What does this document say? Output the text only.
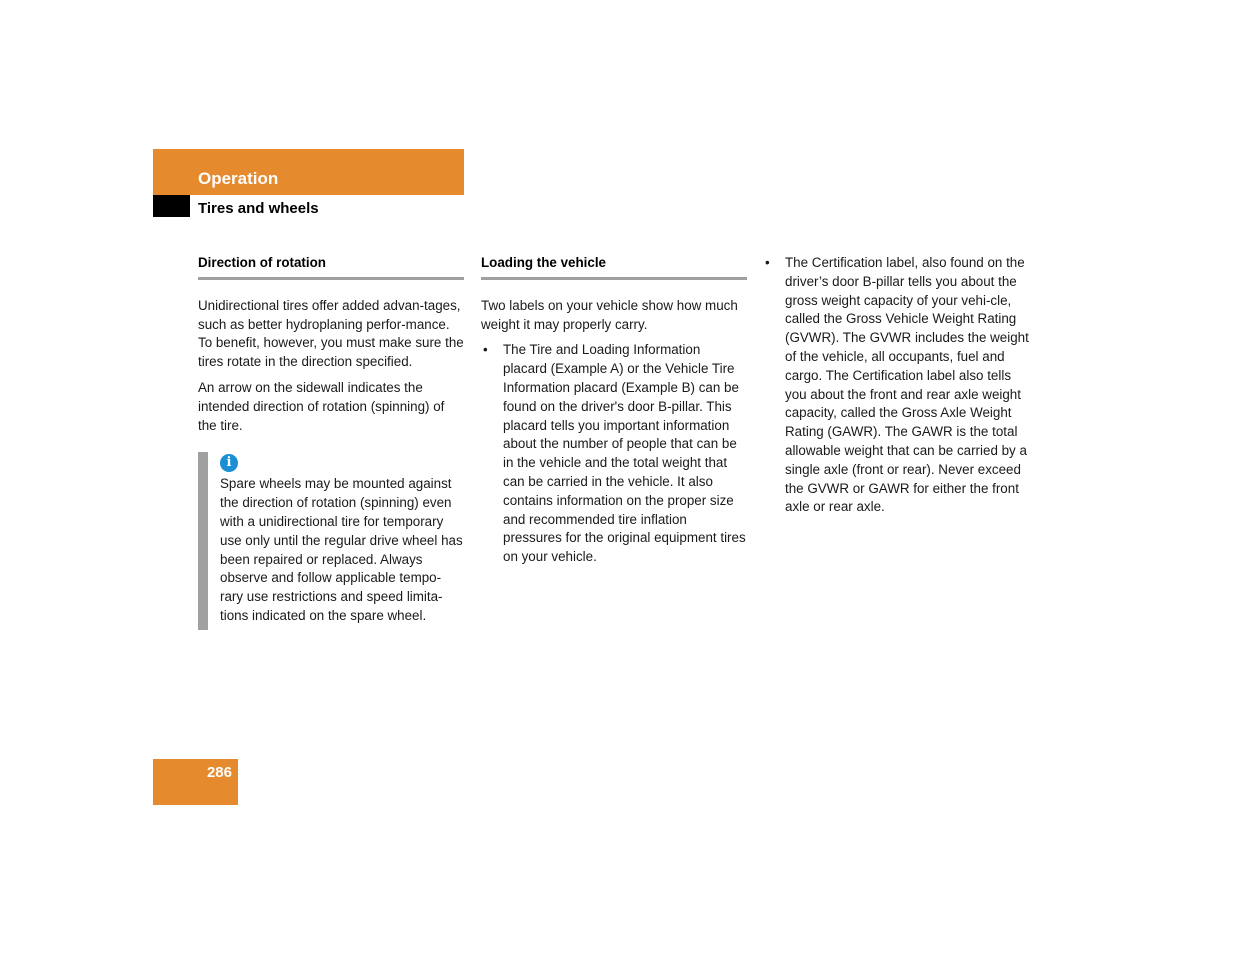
Operation
Tires and wheels
Direction of rotation

Unidirectional tires offer added advan-tages, such as better hydroplaning perfor-mance. To benefit, however, you must make sure the tires rotate in the direction specified.

An arrow on the sidewall indicates the intended direction of rotation (spinning) of the tire.

i
Spare wheels may be mounted against the direction of rotation (spinning) even with a unidirectional tire for temporary use only until the regular drive wheel has been repaired or replaced. Always observe and follow applicable tempo-rary use restrictions and speed limita-tions indicated on the spare wheel.
Loading the vehicle

Two labels on your vehicle show how much weight it may properly carry.

• The Tire and Loading Information placard (Example A) or the Vehicle Tire Information placard (Example B) can be found on the driver's door B-pillar. This placard tells you important information about the number of people that can be in the vehicle and the total weight that can be carried in the vehicle. It also contains information on the proper size and recommended tire inflation pressures for the original equipment tires on your vehicle.
• The Certification label, also found on the driver’s door B-pillar tells you about the gross weight capacity of your vehi-cle, called the Gross Vehicle Weight Rating (GVWR). The GVWR includes the weight of the vehicle, all occupants, fuel and cargo. The Certification label also tells you about the front and rear axle weight capacity, called the Gross Axle Weight Rating (GAWR). The GAWR is the total allowable weight that can be carried by a single axle (front or rear). Never exceed the GVWR or GAWR for either the front axle or rear axle.
286
